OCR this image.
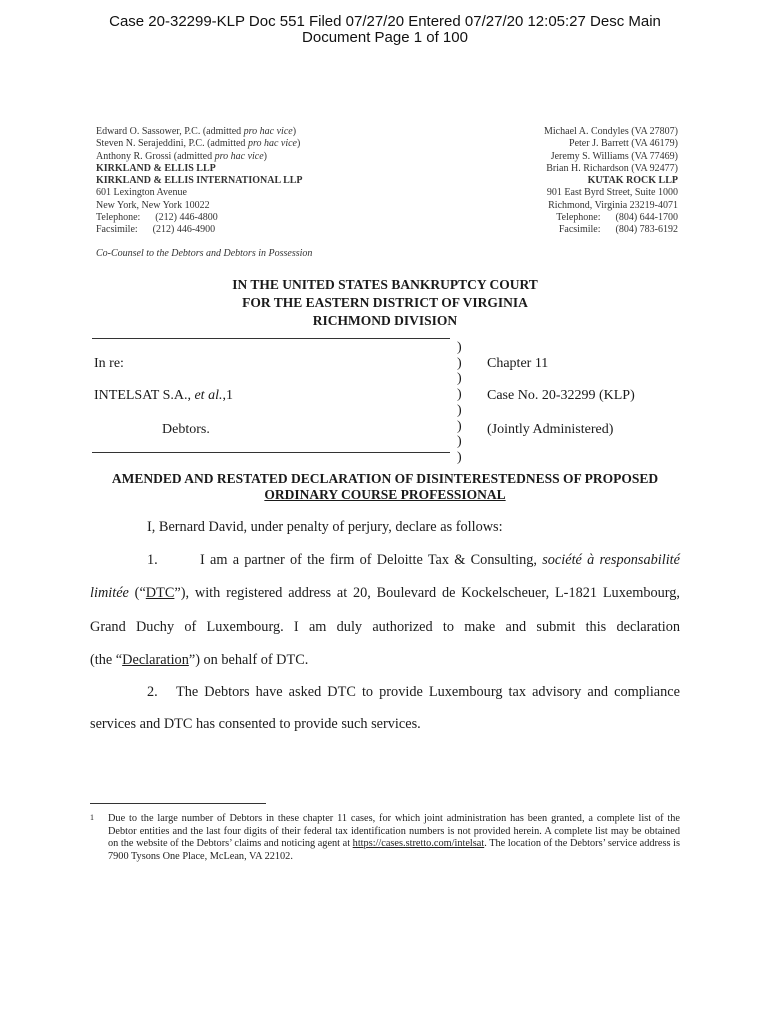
Case 20-32299-KLP Doc 551 Filed 07/27/20 Entered 07/27/20 12:05:27 Desc Main
Document Page 1 of 100
Edward O. Sassower, P.C. (admitted pro hac vice)
Steven N. Serajeddini, P.C. (admitted pro hac vice)
Anthony R. Grossi (admitted pro hac vice)
KIRKLAND & ELLIS LLP
KIRKLAND & ELLIS INTERNATIONAL LLP
601 Lexington Avenue
New York, New York 10022
Telephone:      (212) 446-4800
Facsimile:      (212) 446-4900
Co-Counsel to the Debtors and Debtors in Possession
Michael A. Condyles (VA 27807)
Peter J. Barrett (VA 46179)
Jeremy S. Williams (VA 77469)
Brian H. Richardson (VA 92477)
KUTAK ROCK LLP
901 East Byrd Street, Suite 1000
Richmond, Virginia 23219-4071
Telephone:      (804) 644-1700
Facsimile:      (804) 783-6192
IN THE UNITED STATES BANKRUPTCY COURT
FOR THE EASTERN DISTRICT OF VIRGINIA
RICHMOND DIVISION
In re:
INTELSAT S.A., et al.,1
Debtors.
)
)
)
)
)
)
)
)
Chapter 11
Case No. 20-32299 (KLP)
(Jointly Administered)
AMENDED AND RESTATED DECLARATION OF DISINTERESTEDNESS OF PROPOSED
ORDINARY COURSE PROFESSIONAL
I, Bernard David, under penalty of perjury, declare as follows:
1.	I am a partner of the firm of Deloitte Tax & Consulting, société à responsabilité
limitée (“DTC”), with registered address at 20, Boulevard de Kockelscheuer, L-1821 Luxembourg,
Grand Duchy of Luxembourg. I am duly authorized to make and submit this declaration
(the “Declaration”) on behalf of DTC.
2. The Debtors have asked DTC to provide Luxembourg tax advisory and compliance
services and DTC has consented to provide such services.
1 Due to the large number of Debtors in these chapter 11 cases, for which joint administration has been granted, a complete list of the Debtor entities and the last four digits of their federal tax identification numbers is not provided herein. A complete list may be obtained on the website of the Debtors’ claims and noticing agent at https://cases.stretto.com/intelsat. The location of the Debtors’ service address is 7900 Tysons One Place, McLean, VA 22102.
